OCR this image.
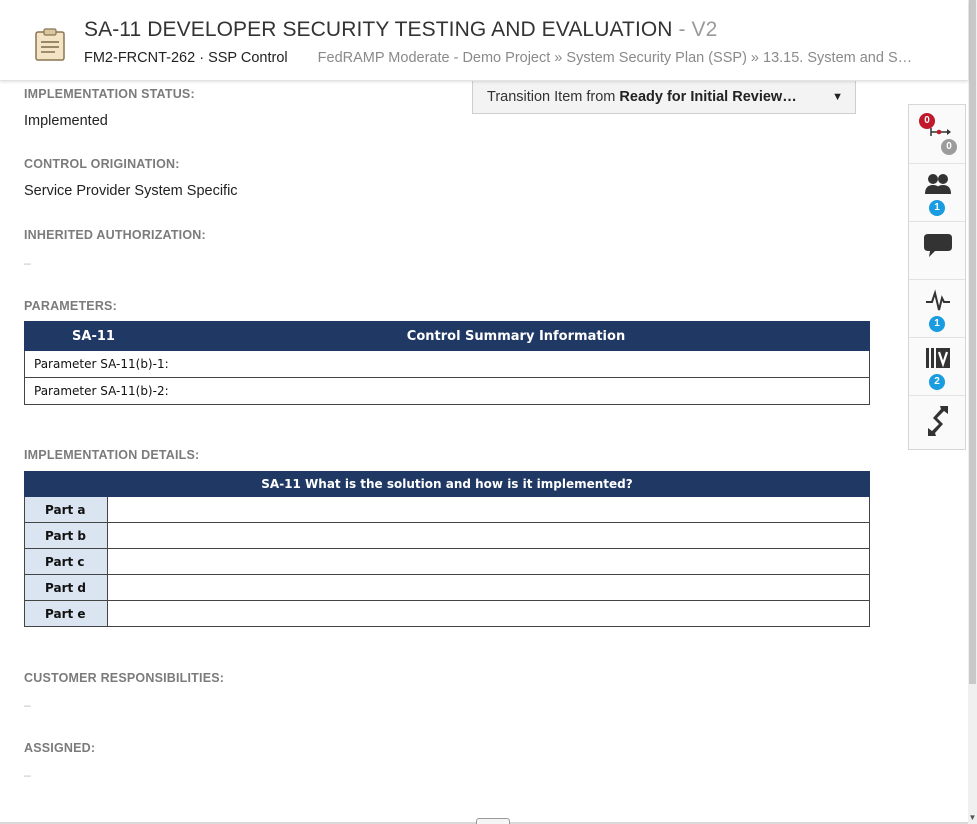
SA-11 DEVELOPER SECURITY TESTING AND EVALUATION - V2
FM2-FRCNT-262 · SSP Control FedRAMP Moderate - Demo Project » System Security Plan (SSP) » 13.15. System and S…
Transition Item from Ready for Initial Review…	▼
IMPLEMENTATION STATUS:
Implemented
CONTROL ORIGINATION:
Service Provider System Specific
INHERITED AUTHORIZATION:
–
PARAMETERS:
SA-11	Control Summary Information
Parameter SA-11(b)-1:
Parameter SA-11(b)-2:
IMPLEMENTATION DETAILS:
SA-11 What is the solution and how is it implemented?	
Part a	
Part b	
Part c	
Part d	
Part e	
CUSTOMER RESPONSIBILITIES:
–
ASSIGNED:
–
0
0
1
1
2
▼
